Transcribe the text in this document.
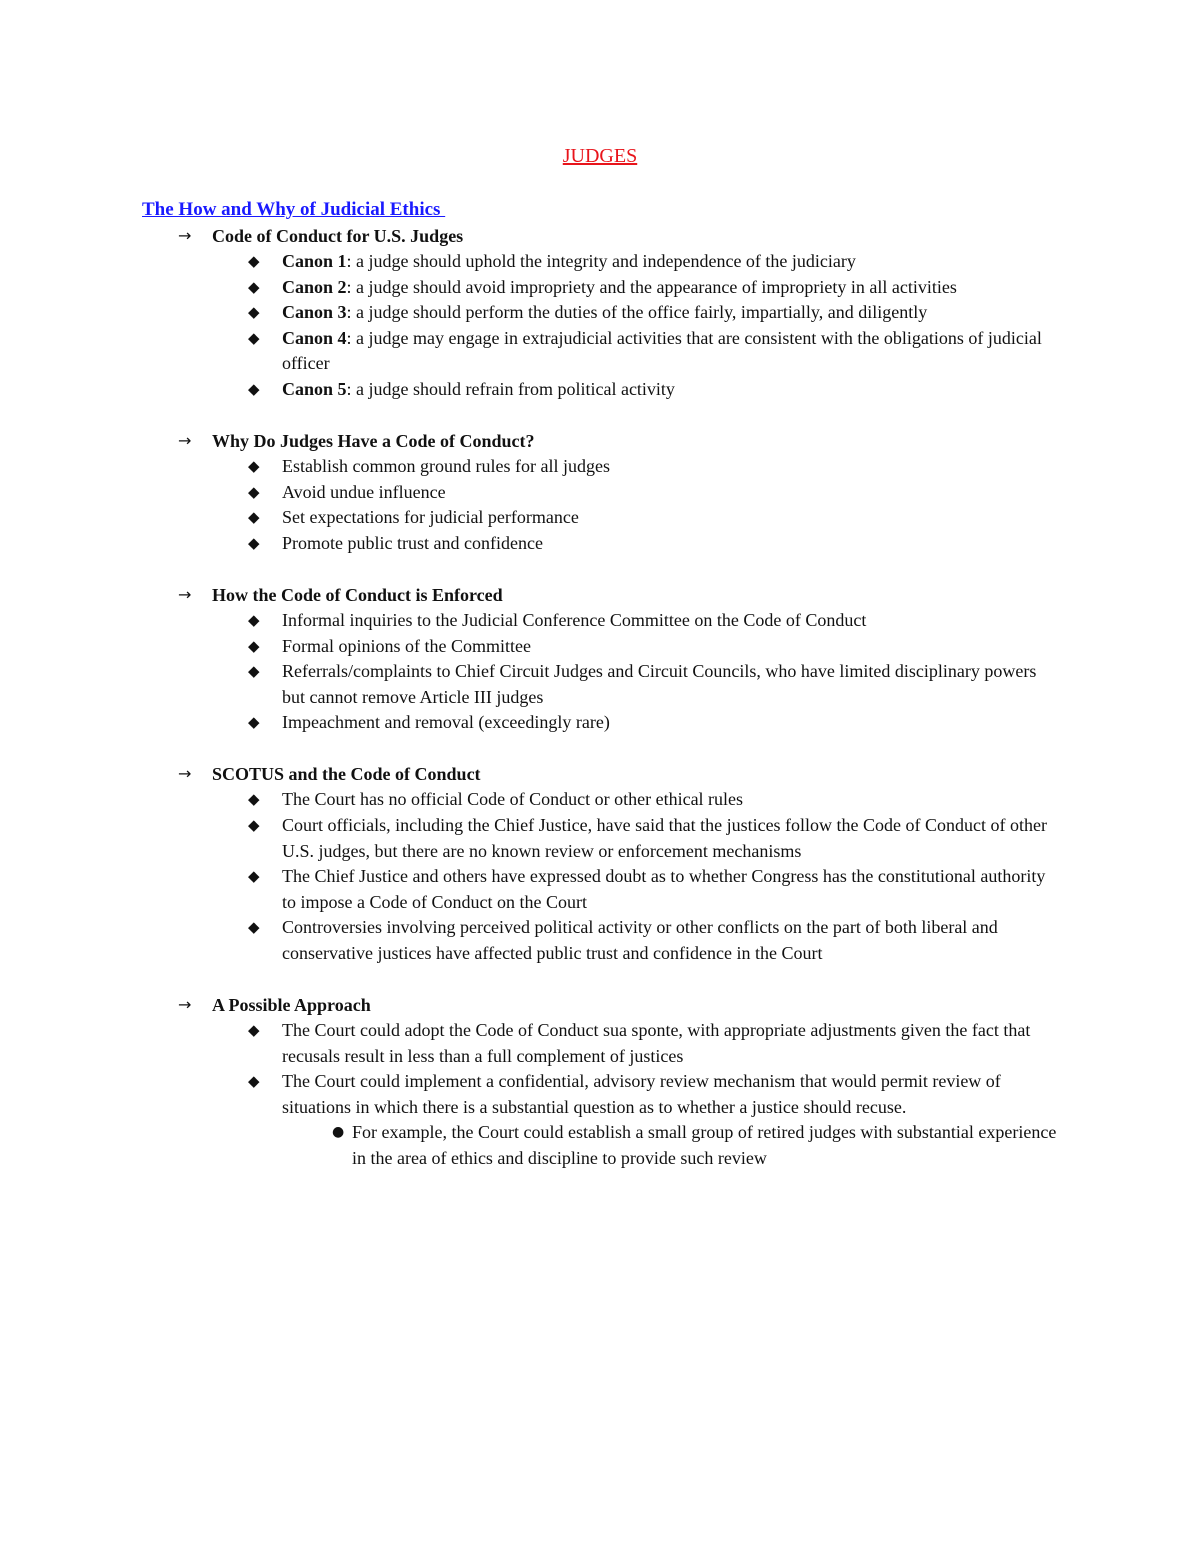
JUDGES
The How and Why of Judicial Ethics
→ Code of Conduct for U.S. Judges
◆ Canon 1: a judge should uphold the integrity and independence of the judiciary
◆ Canon 2: a judge should avoid impropriety and the appearance of impropriety in all activities
◆ Canon 3: a judge should perform the duties of the office fairly, impartially, and diligently
◆ Canon 4: a judge may engage in extrajudicial activities that are consistent with the obligations of judicial officer
◆ Canon 5: a judge should refrain from political activity
→ Why Do Judges Have a Code of Conduct?
◆ Establish common ground rules for all judges
◆ Avoid undue influence
◆ Set expectations for judicial performance
◆ Promote public trust and confidence
→ How the Code of Conduct is Enforced
◆ Informal inquiries to the Judicial Conference Committee on the Code of Conduct
◆ Formal opinions of the Committee
◆ Referrals/complaints to Chief Circuit Judges and Circuit Councils, who have limited disciplinary powers but cannot remove Article III judges
◆ Impeachment and removal (exceedingly rare)
→ SCOTUS and the Code of Conduct
◆ The Court has no official Code of Conduct or other ethical rules
◆ Court officials, including the Chief Justice, have said that the justices follow the Code of Conduct of other U.S. judges, but there are no known review or enforcement mechanisms
◆ The Chief Justice and others have expressed doubt as to whether Congress has the constitutional authority to impose a Code of Conduct on the Court
◆ Controversies involving perceived political activity or other conflicts on the part of both liberal and conservative justices have affected public trust and confidence in the Court
→ A Possible Approach
◆ The Court could adopt the Code of Conduct sua sponte, with appropriate adjustments given the fact that recusals result in less than a full complement of justices
◆ The Court could implement a confidential, advisory review mechanism that would permit review of situations in which there is a substantial question as to whether a justice should recuse.
● For example, the Court could establish a small group of retired judges with substantial experience in the area of ethics and discipline to provide such review
